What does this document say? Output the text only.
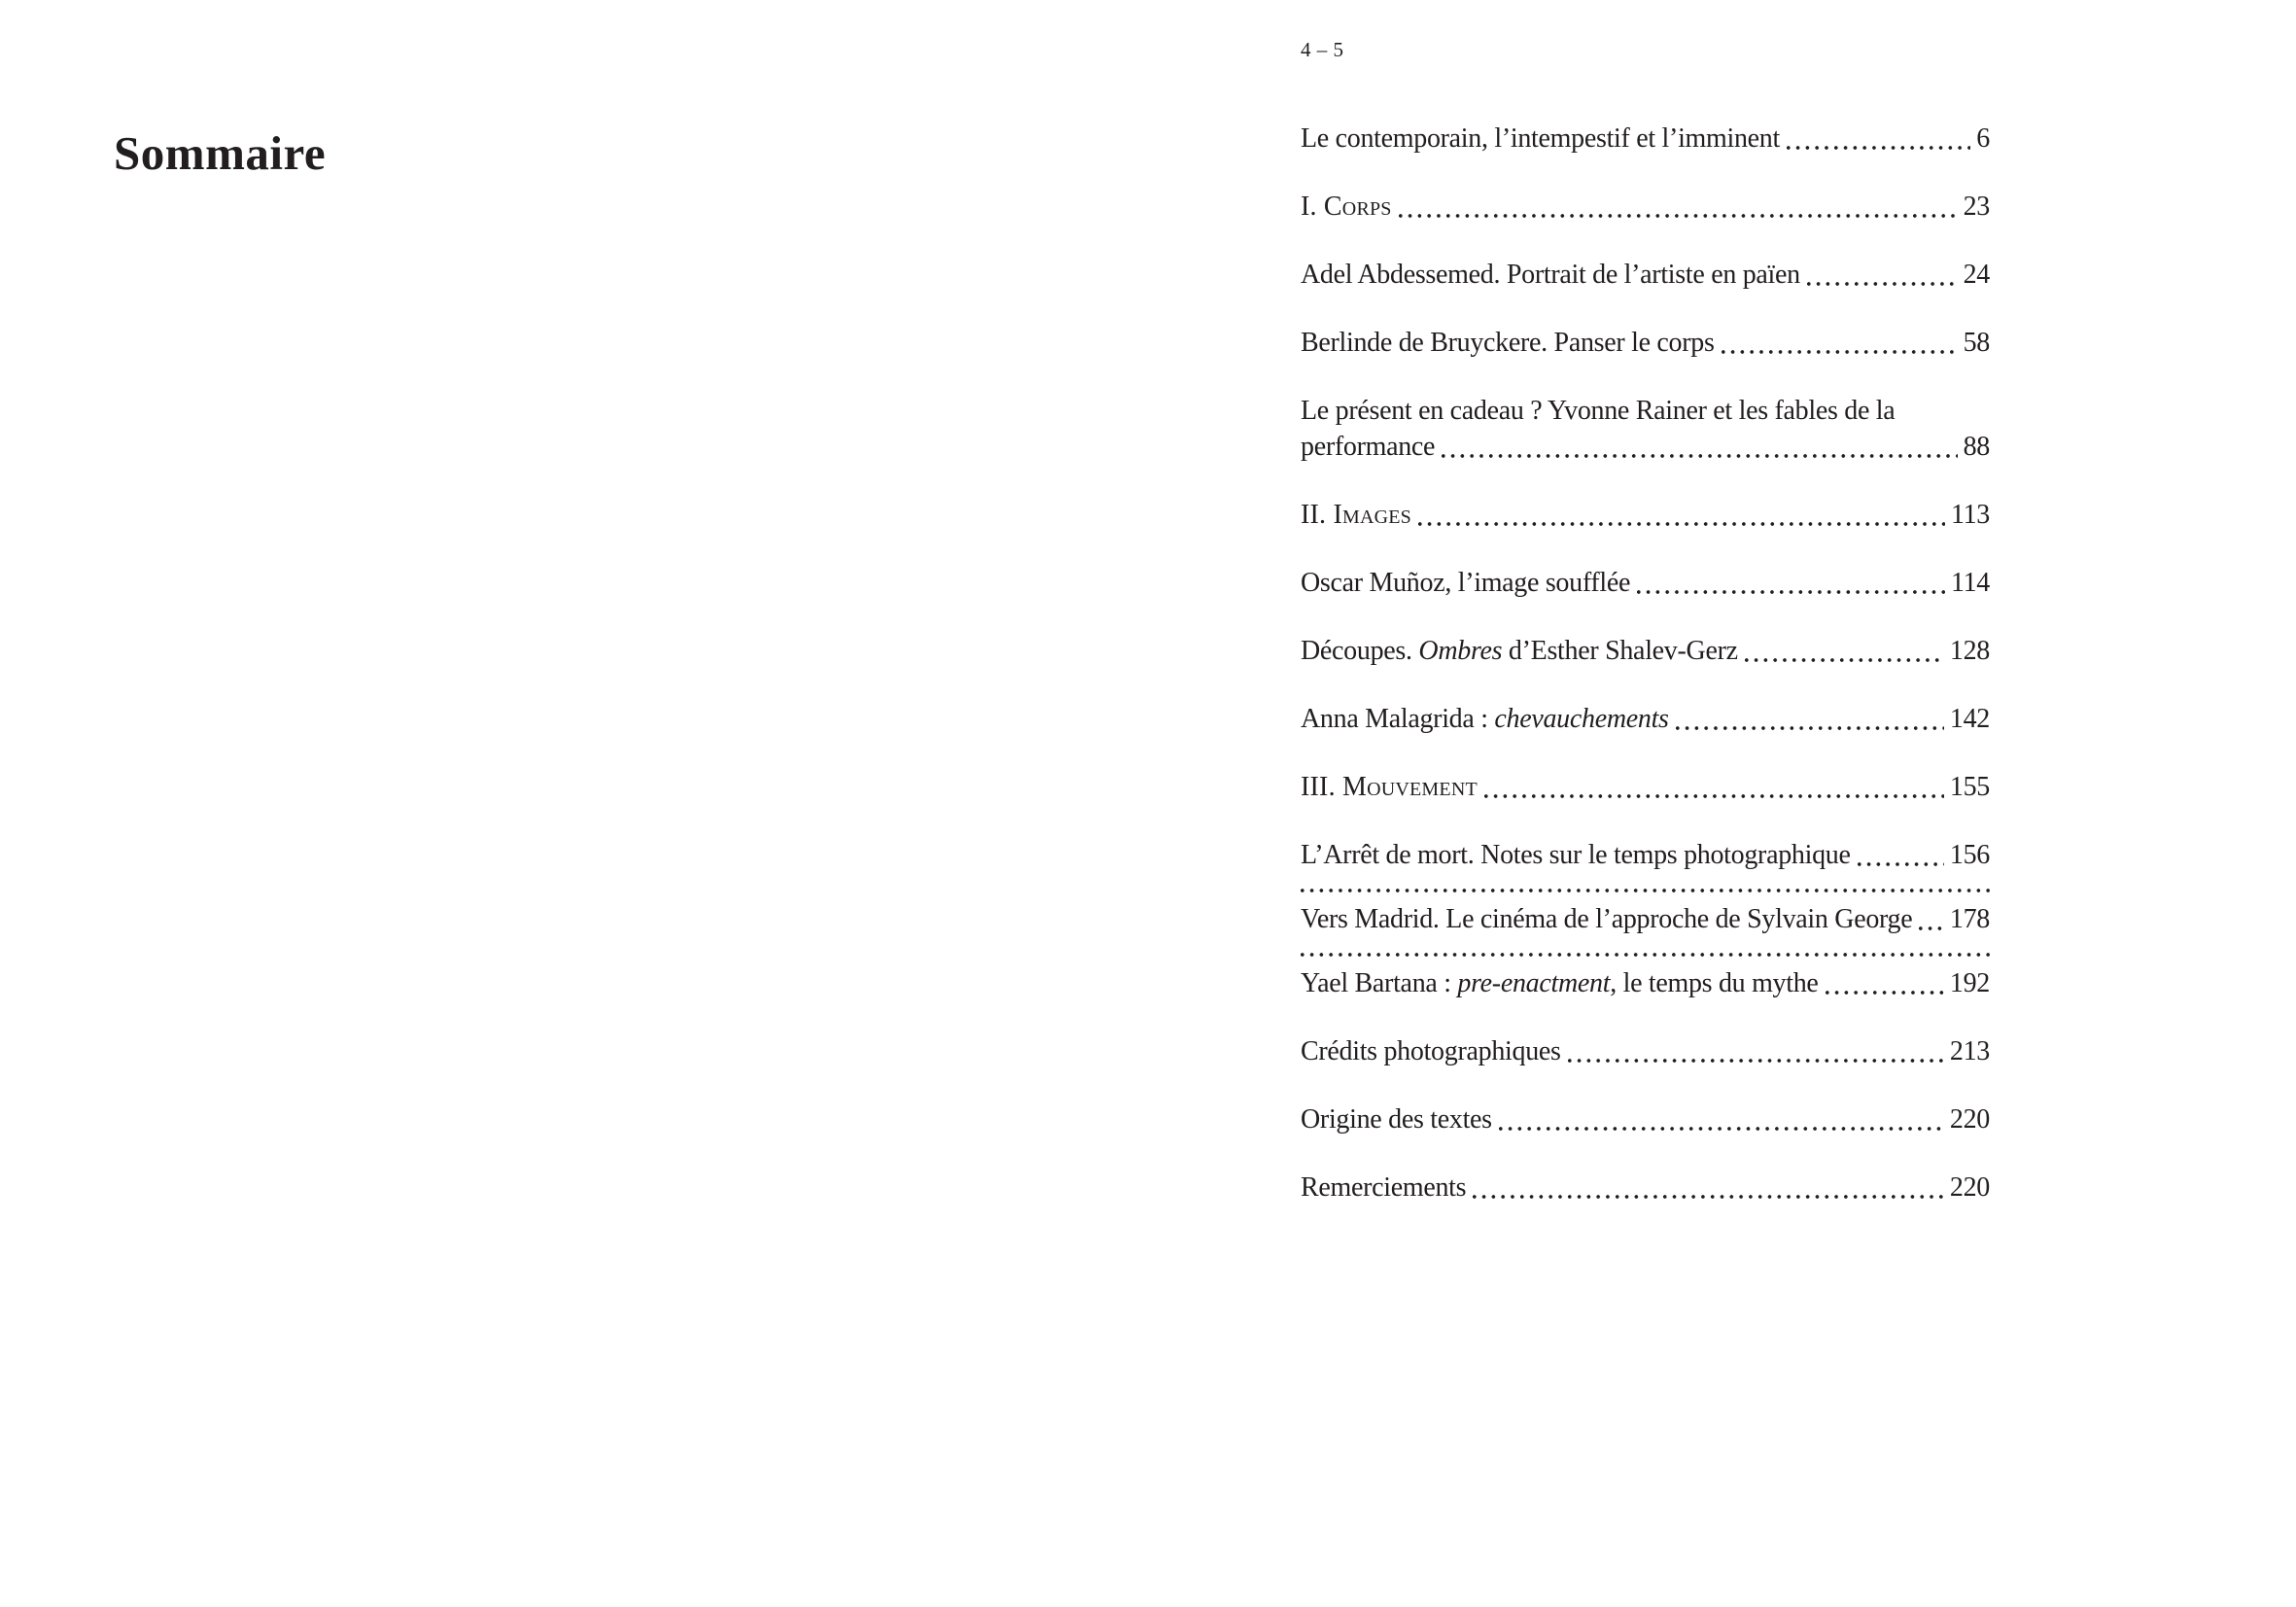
Sommaire
4 – 5
Le contemporain, l’intempestif et l’imminent	6
I. Corps	23
Adel Abdessemed. Portrait de l’artiste en païen	24
Berlinde de Bruyckere. Panser le corps	58
Le présent en cadeau ? Yvonne Rainer et les fables de la
performance	88
II. Images	113
Oscar Muñoz, l’image soufflée	114
Découpes. Ombres d’Esther Shalev-Gerz	128
Anna Malagrida : chevauchements	142
III. Mouvement	155
L’Arrêt de mort. Notes sur le temps photographique	156
Vers Madrid. Le cinéma de l’approche de Sylvain George 178
Yael Bartana : pre-enactment, le temps du mythe	192
Crédits photographiques	213
Origine des textes	220
Remerciements	220
